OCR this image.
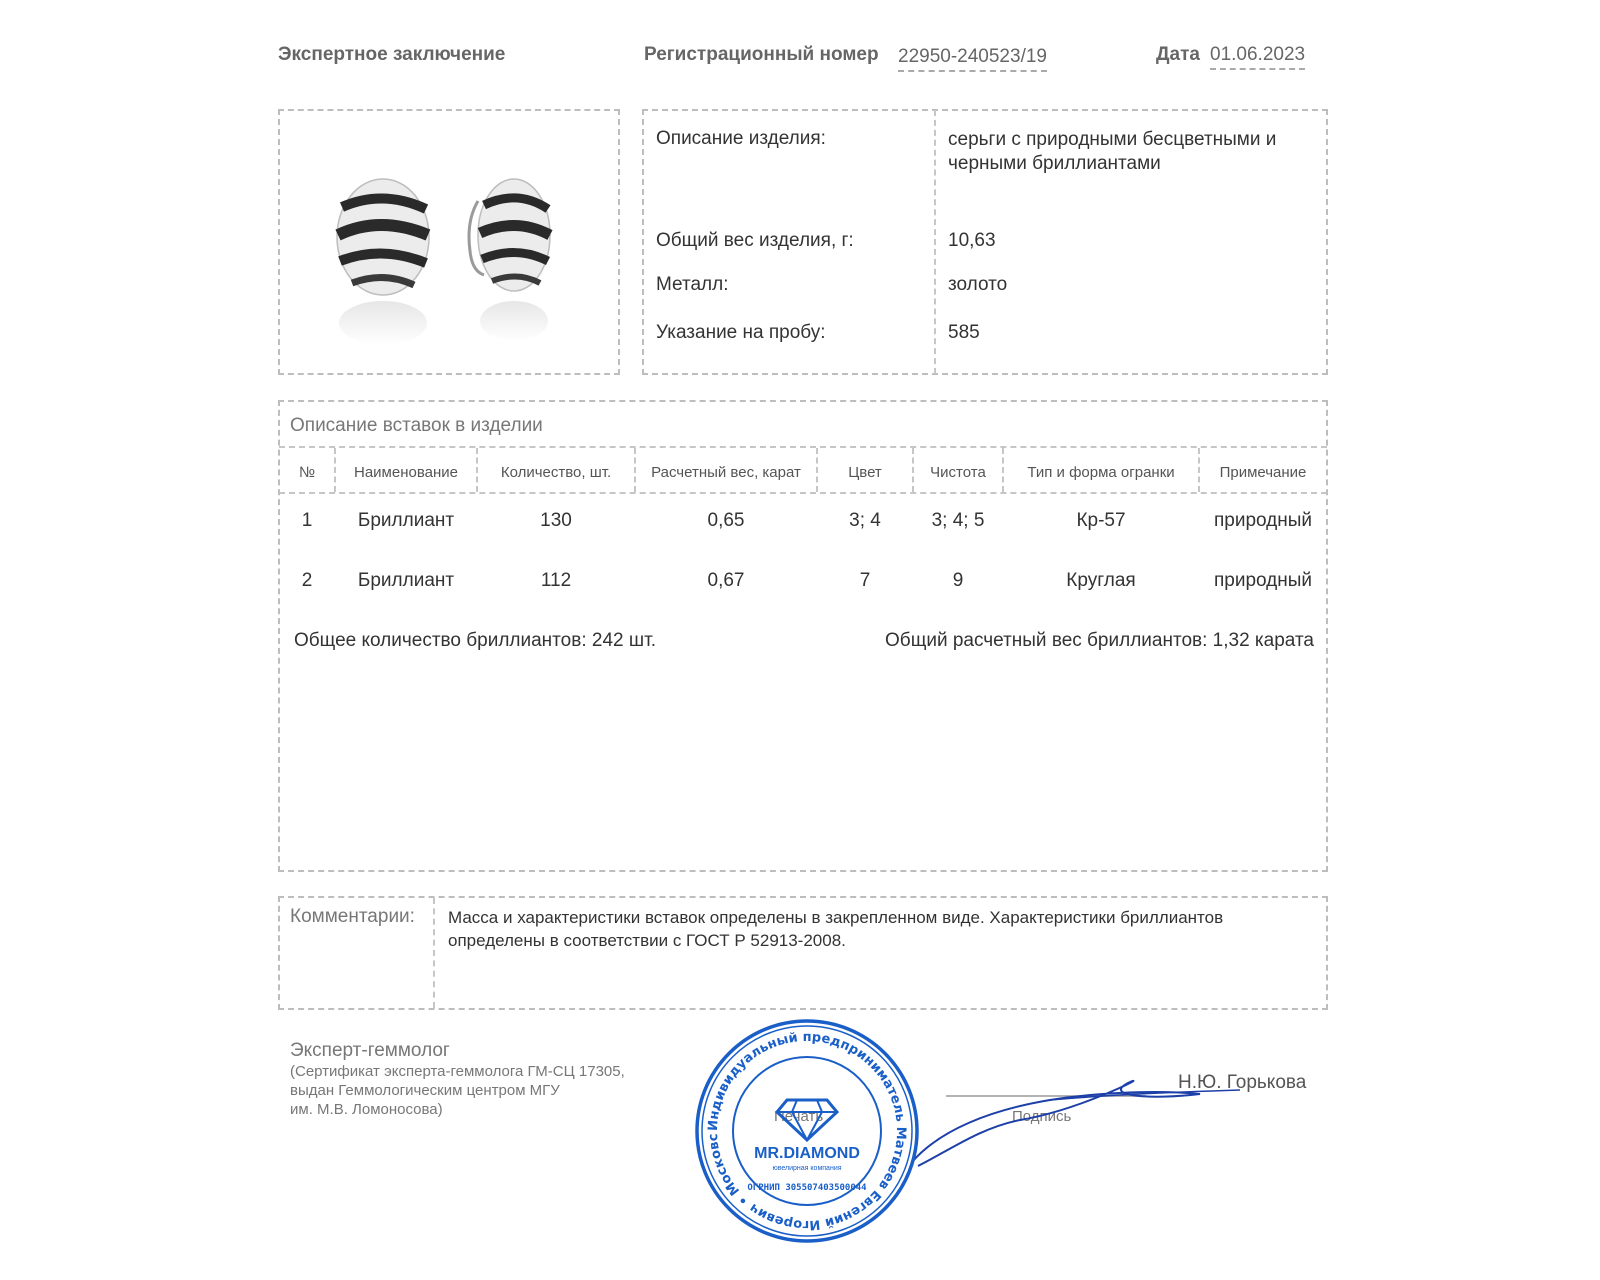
Экспертное заключение	Регистрационный номер 22950-240523/19	Дата 01.06.2023
Описание изделия:	серьги с природными бесцветными и черными бриллиантами
Общий вес изделия, г:	10,63
Металл:	золото
Указание на пробу:	585
Описание вставок в изделии
№	Наименование	Количество, шт.	Расчетный вес, карат	Цвет	Чистота	Тип и форма огранки	Примечание
1	Бриллиант	130	0,65	3; 4	3; 4; 5	Кр-57	природный
2	Бриллиант	112	0,67	7	9	Круглая	природный
Общее количество бриллиантов: 242 шт.	Общий расчетный вес бриллиантов: 1,32 карата
Комментарии: Масса и характеристики вставок определены в закрепленном виде. Характеристики бриллиантов
определены в соответствии с ГОСТ Р 52913-2008.
Эксперт-геммолог
(Сертификат эксперта-геммолога ГМ-СЦ 17305,
выдан Геммологическим центром МГУ
им. М.В. Ломоносова)	Печать	Подпись
Н.Ю. Горькова
Индивидуальный предприниматель Матвеев Евгений Игоревич • Московс
MR.DIAMOND
ювелирная компания
ОГРНИП 305507403500044
